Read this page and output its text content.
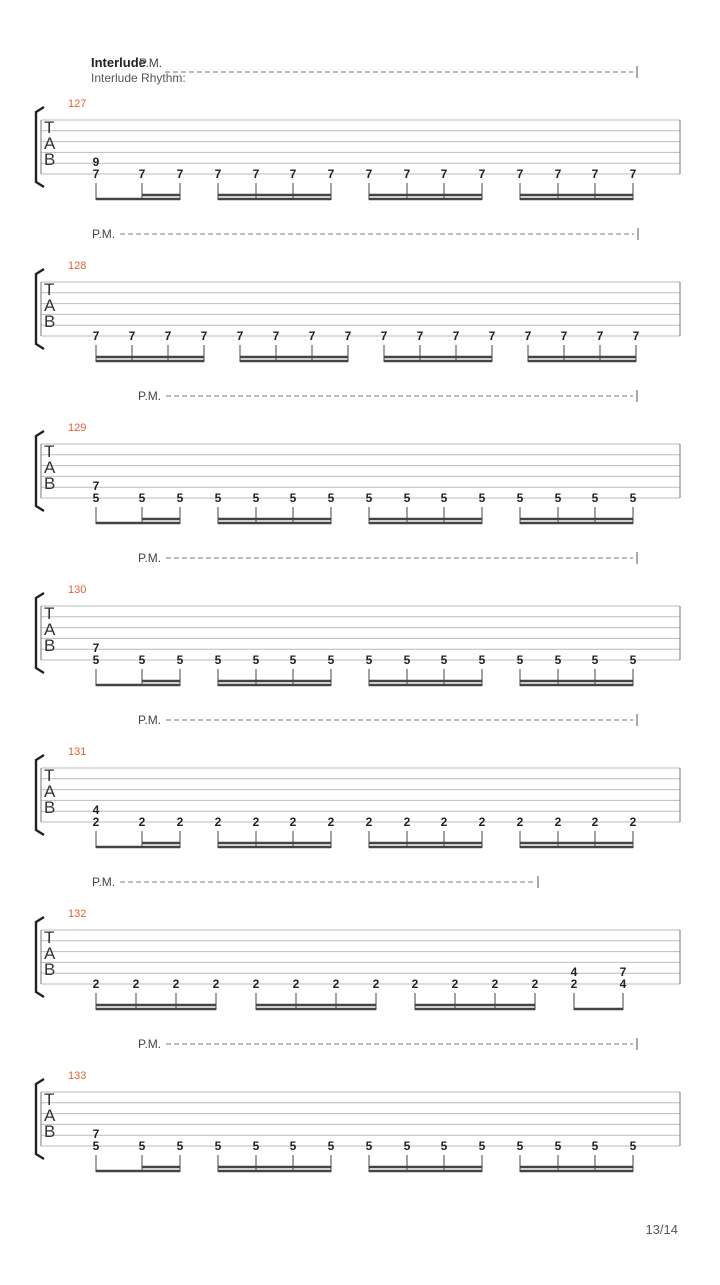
Interlude
P.M.
Interlude Rhythm:
127
T
A
B
7
9
7	7	7	7	7	7	7	7	7	7	7	7	7	7
P.M.
128
T
A
B
7 7 7 7 7 7 7 7 7 7 7 7 7 7 7 7
P.M.
129
T
A
B
5
7
5	5	5	5	5	5	5	5	5	5	5	5	5	5
P.M.
130
T
A
B
5
7
5	5	5	5	5	5	5	5	5	5	5	5	5	5
P.M.
131
T
A
B
2
4
2	2	2	2	2	2	2	2	2	2	2	2	2	2
P.M.
132
T
A
B
2	2	2	2	2	2	2	2	2	2	2	2	2
4
4
7
P.M.
133
T
A
B
5
7
5	5	5	5	5	5	5	5	5	5	5	5	5	5
13/14
